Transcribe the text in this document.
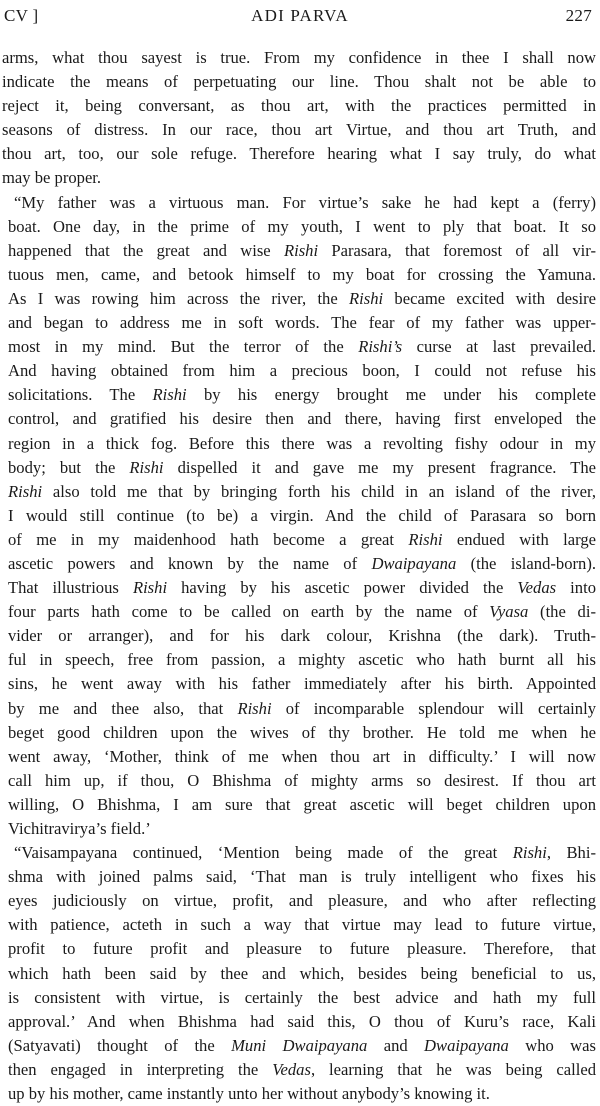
CV ]	ADI PARVA	227
arms, what thou sayest is true. From my confidence in thee I shall now
indicate the means of perpetuating our line. Thou shalt not be able to
reject it, being conversant, as thou art, with the practices permitted in
seasons of distress. In our race, thou art Virtue, and thou art Truth, and
thou art, too, our sole refuge. Therefore hearing what I say truly, do what
may be proper.
“My father was a virtuous man. For virtue’s sake he had kept a (ferry)
boat. One day, in the prime of my youth, I went to ply that boat. It so
happened that the great and wise Rishi Parasara, that foremost of all vir-
tuous men, came, and betook himself to my boat for crossing the Yamuna.
As I was rowing him across the river, the Rishi became excited with desire
and began to address me in soft words. The fear of my father was upper-
most in my mind. But the terror of the Rishi’s curse at last prevailed.
And having obtained from him a precious boon, I could not refuse his
solicitations. The Rishi by his energy brought me under his complete
control, and gratified his desire then and there, having first enveloped the
region in a thick fog. Before this there was a revolting fishy odour in my
body; but the Rishi dispelled it and gave me my present fragrance. The
Rishi also told me that by bringing forth his child in an island of the river,
I would still continue (to be) a virgin. And the child of Parasara so born
of me in my maidenhood hath become a great Rishi endued with large
ascetic powers and known by the name of Dwaipayana (the island-born).
That illustrious Rishi having by his ascetic power divided the Vedas into
four parts hath come to be called on earth by the name of Vyasa (the di-
vider or arranger), and for his dark colour, Krishna (the dark). Truth-
ful in speech, free from passion, a mighty ascetic who hath burnt all his
sins, he went away with his father immediately after his birth. Appointed
by me and thee also, that Rishi of incomparable splendour will certainly
beget good children upon the wives of thy brother. He told me when he
went away, ‘Mother, think of me when thou art in difficulty.’ I will now
call him up, if thou, O Bhishma of mighty arms so desirest. If thou art
willing, O Bhishma, I am sure that great ascetic will beget children upon
Vichitravirya’s field.’
“Vaisampayana continued, ‘Mention being made of the great Rishi, Bhi-
shma with joined palms said, ‘That man is truly intelligent who fixes his
eyes judiciously on virtue, profit, and pleasure, and who after reflecting
with patience, acteth in such a way that virtue may lead to future virtue,
profit to future profit and pleasure to future pleasure. Therefore, that
which hath been said by thee and which, besides being beneficial to us,
is consistent with virtue, is certainly the best advice and hath my full
approval.’ And when Bhishma had said this, O thou of Kuru’s race, Kali
(Satyavati) thought of the Muni Dwaipayana and Dwaipayana who was
then engaged in interpreting the Vedas, learning that he was being called
up by his mother, came instantly unto her without anybody’s knowing it.
